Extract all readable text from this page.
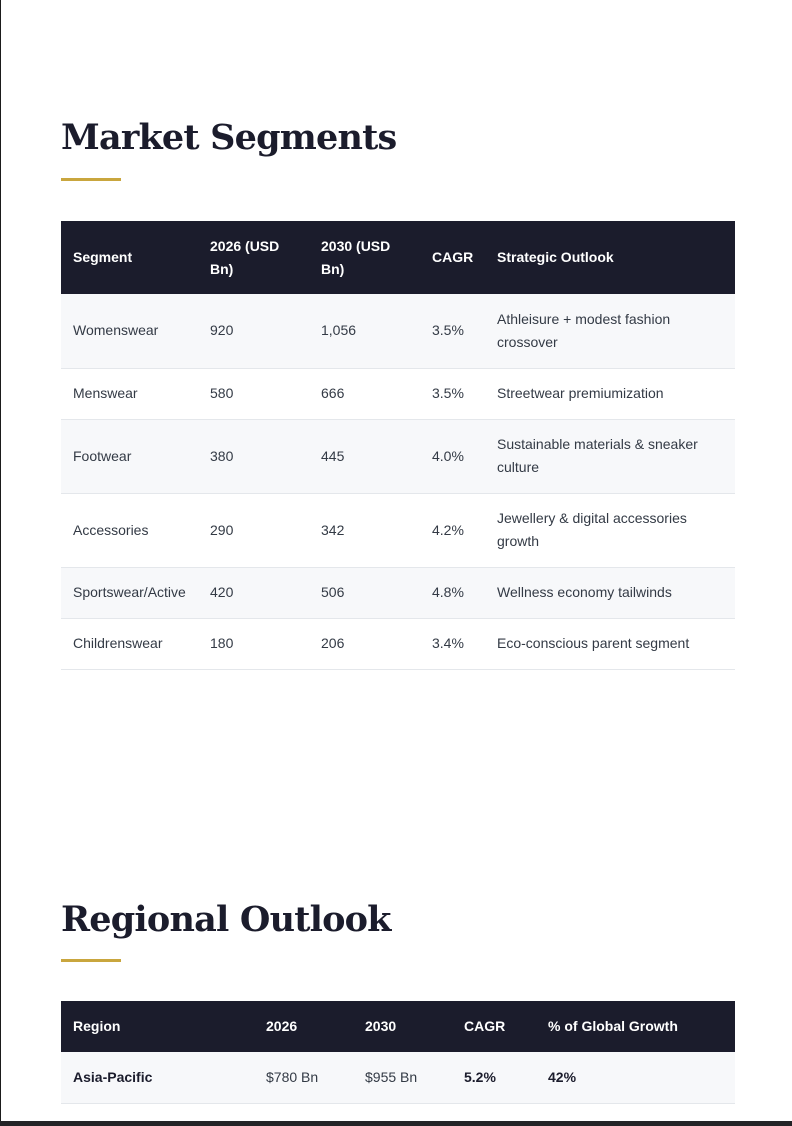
Market Segments
Segment	2026 (USD Bn)	2030 (USD Bn)	CAGR	Strategic Outlook
Womenswear	920	1,056	3.5%	Athleisure + modest fashion crossover
Menswear	580	666	3.5%	Streetwear premiumization
Footwear	380	445	4.0%	Sustainable materials & sneaker culture
Accessories	290	342	4.2%	Jewellery & digital accessories growth
Sportswear/Active	420	506	4.8%	Wellness economy tailwinds
Childrenswear	180	206	3.4%	Eco-conscious parent segment
Regional Outlook
Region	2026	2030	CAGR	% of Global Growth
Asia-Pacific	$780 Bn	$955 Bn	5.2%	42%
